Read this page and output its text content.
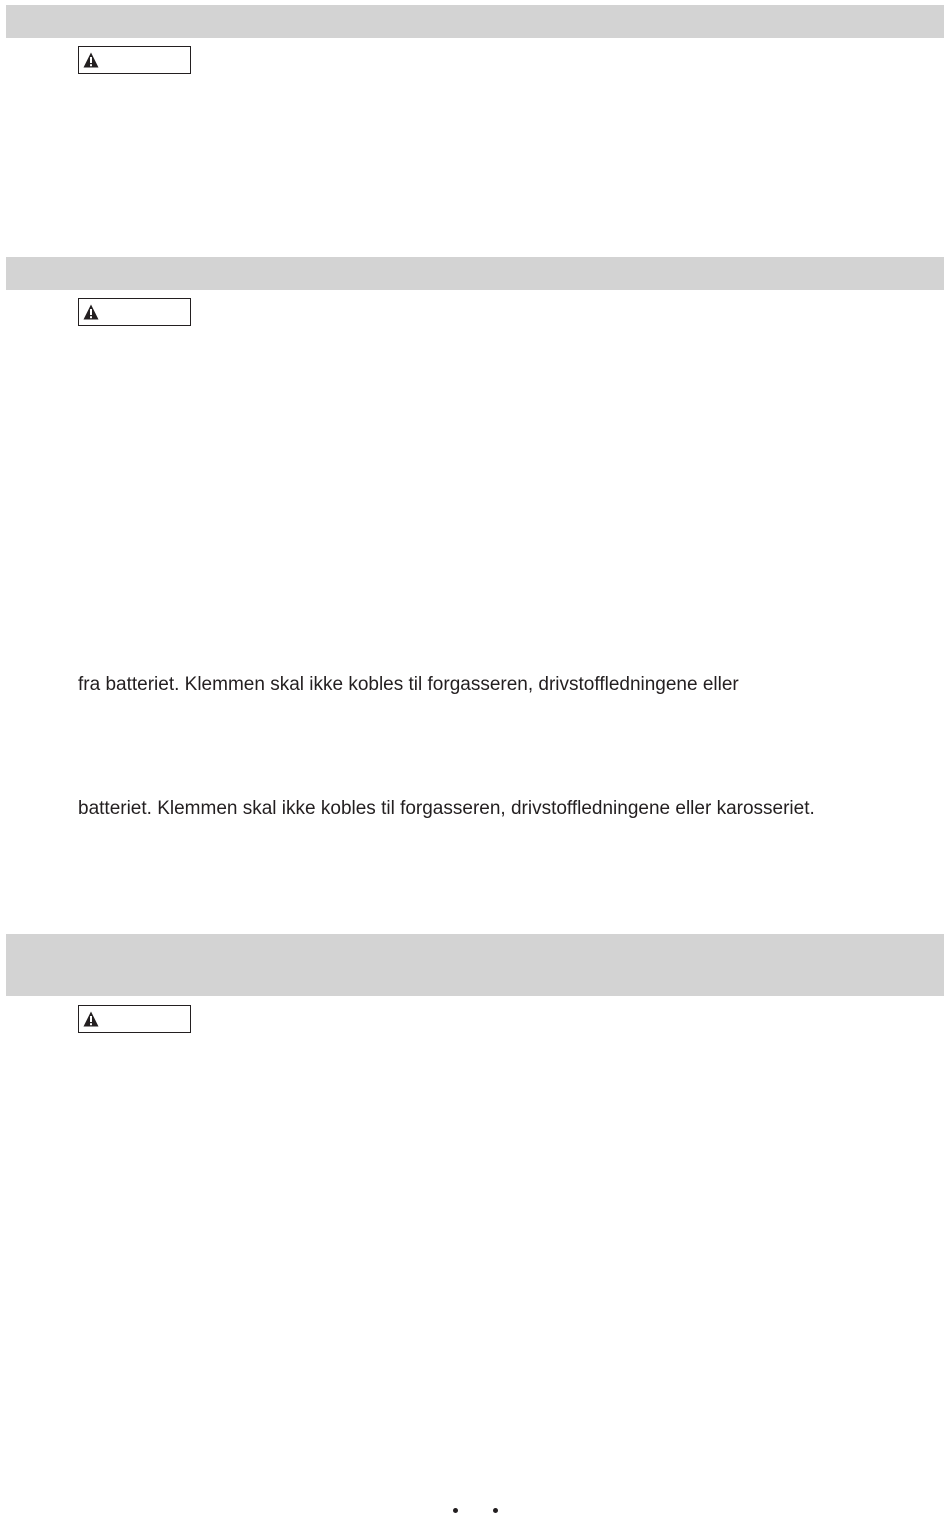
fra batteriet. Klemmen skal ikke kobles til forgasseren, drivstoffledningene eller
batteriet. Klemmen skal ikke kobles til forgasseren, drivstoffledningene eller karosseriet.
